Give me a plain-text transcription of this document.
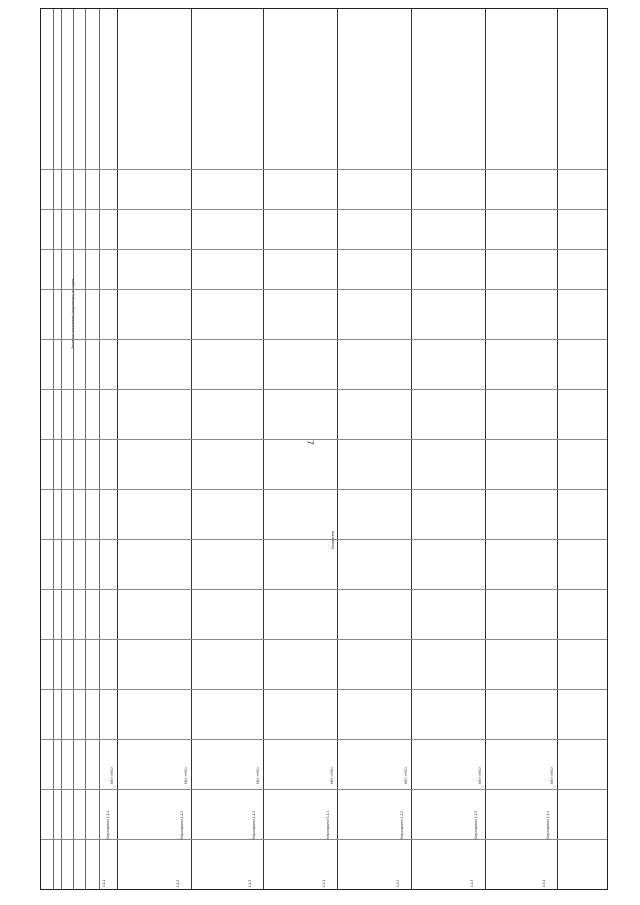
7
Значения показателя (индикатора) по годам
Показатели
1.1.1
Мероприятие 1.1.1
МКУ «УКС»
1.1.2
Мероприятие 1.1.2
МКУ «УКС»
1.1.3
Мероприятие 1.1.3
МКУ «УКС»
1.2.1
Мероприятие 1.2.1
МКУ «УКС»
1.2.2
Мероприятие 1.2.2
МКУ «УКС»
1.2.3
Мероприятие 1.2.3
МКУ «УКС»
1.3.1
Мероприятие 1.3.1
МКУ «УКС»
